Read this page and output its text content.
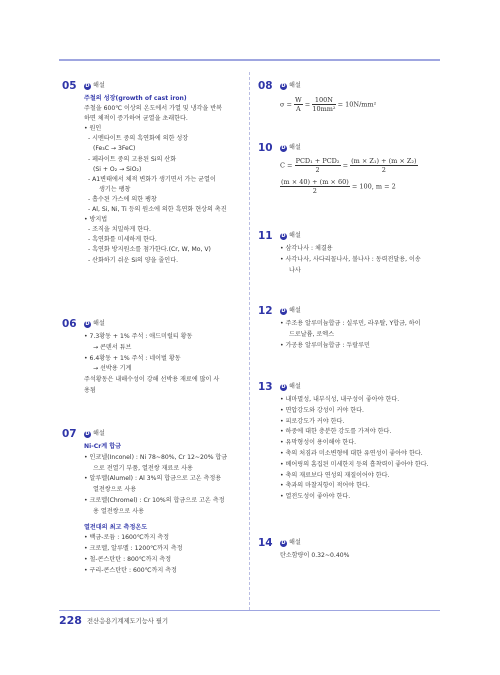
05	D 해설
주철의 성장(growth of cast iron)
주철을 600℃ 이상의 온도에서 가열 및 냉각을 반복
하면 체적이 증가하여 균열을 초래한다.
• 원인
- 시멘타이트 중의 흑연화에 의한 성장
(Fe₃C → 3FeC)
- 페라이트 중의 고용된 Si의 산화
(Si + O₂ → SiO₂)
- A1변태에서 체적 변화가 생기면서 가는 균열이
생기는 팽창
- 흡수된 가스에 의한 팽창
- Al, Si, Ni, Ti 등의 원소에 의한 흑연화 현상의 촉진
• 방지법
- 조직을 치밀하게 한다.
- 흑연화를 미세하게 한다.
- 흑연화 방지원소를 첨가한다.(Cr, W, Mo, V)
- 산화하기 쉬운 Si의 양을 줄인다.
06	D 해설
• 7.3황동 + 1% 주석 : 애드미럴티 황동
→ 콘덴서 튜브
• 6.4황동 + 1% 주석 : 네이벌 황동
→ 선박용 기계
주석황동은 내해수성이 강해 선박용 재료에 많이 사
용됨
07	D 해설
Ni-Cr계 합금
• 인코넬(Inconel) : Ni 78~80%, Cr 12~20% 합금
으로 전열기 부품, 열전쌍 재료로 사용
• 알루멜(Alumel) : Al 3%의 합금으로 고온 측정용
열전쌍으로 사용
• 크로멜(Chromel) : Cr 10%의 합금으로 고온 측정
용 열전쌍으로 사용
열전대의 최고 측정온도
• 백금-로듐 : 1600℃까지 측정
• 크로멜, 알루멜 : 1200℃까지 측정
• 철-콘스탄탄 : 800℃까지 측정
• 구리-콘스탄탄 : 600℃까지 측정
08	D 해설
$\sigma = \frac{W}{A} = \frac{100N}{\text{10mm²}} = 10N/mm^2$
10	D 해설
$C = \frac{\text{PCD₁ + PCD₂}}{2} = \frac{\text{(m × Z₁) + (m × Z₂)}}{2}$
$\frac{(m \times 40) + (m \times 60)}{2} = 100$, m = 2
11	D 해설
• 삼각나사 : 체결용
• 사각나사, 사다리꼴나사, 볼나사 : 동력전달용, 이송
나사
12	D 해설
• 주조용 알루미늄합금 : 실루민, 라우탈, Y합금, 하이
드로날륨, 로엑스
• 가공용 알루미늄합금 : 두랄루민
13	D 해설
• 내마멸성, 내부식성, 내구성이 좋아야 한다.
• 면압강도와 강성이 커야 한다.
• 피로강도가 커야 한다.
• 하중에 대한 충분한 강도를 가져야 한다.
• 유막형성이 용이해야 한다.
• 축의 처짐과 미소변형에 대한 유연성이 좋아야 한다.
• 베어링의 흠집된 미세한지 등의 흡착력이 좋아야 한다.
• 축의 재료보다 연성의 재질이어야 한다.
• 축과의 마찰저항이 적어야 한다.
• 열전도성이 좋아야 한다.
14	D 해설
탄소함량이 0.32~0.40%
228 전산응용기계제도기능사 필기
